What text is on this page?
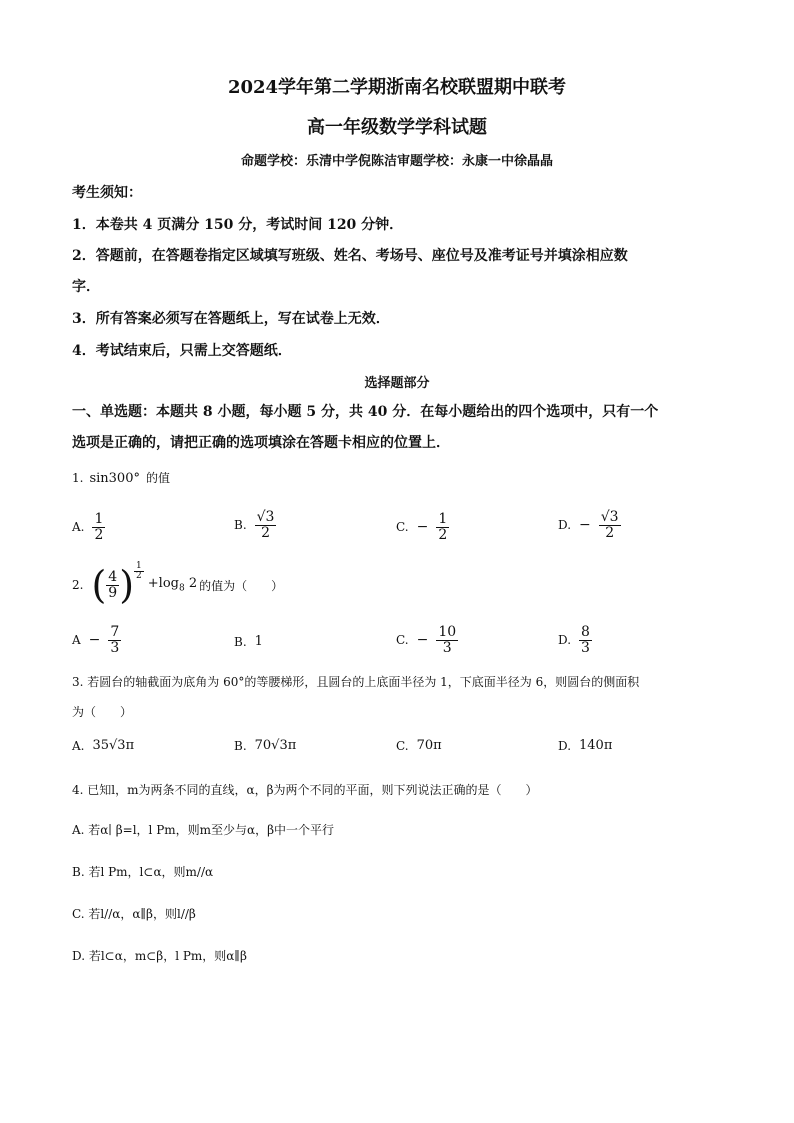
2024学年第二学期浙南名校联盟期中联考
高一年级数学学科试题
命题学校：乐清中学倪陈洁审题学校：永康一中徐晶晶
考生须知：
1．本卷共 4 页满分 150 分，考试时间 120 分钟．
2．答题前，在答题卷指定区域填写班级、姓名、考场号、座位号及准考证号并填涂相应数
字．
3．所有答案必须写在答题纸上，写在试卷上无效．
4．考试结束后，只需上交答题纸．
选择题部分
一、单选题：本题共 8 小题，每小题 5 分，共 40 分．在每小题给出的四个选项中，只有一个
选项是正确的，请把正确的选项填涂在答题卡相应的位置上．
1. sin300° 的值
A. $\frac{1}{2}$	B. $\frac{√3}{2}$	C. − $\frac{1}{2}$	D. − $\frac{√3}{2}$
2. ( $\frac{4}{9}$ ) $\frac{1}{2}$
$+\log_8$ 2 的值为（　　）
$A - \frac{7}{3}$	B. 1	C. − $\frac{10}{3}$	D. $\frac{8}{3}$
3. 若圆台的轴截面为底角为 60°的等腰梯形，且圆台的上底面半径为 1，下底面半径为 6，则圆台的侧面积
为（　　）
A. 35√3π	B. 70√3π	C. 70π	D. 140π
4. 已知l，m为两条不同的直线，α，β为两个不同的平面，则下列说法正确的是（　　）
A. 若α∣ β=l，l Pm，则m至少与α，β中一个平行
B. 若l Pm，l⊂α，则m//α
C. 若l//α，α∥β，则l//β
D. 若l⊂α，m⊂β，l Pm，则α∥β
